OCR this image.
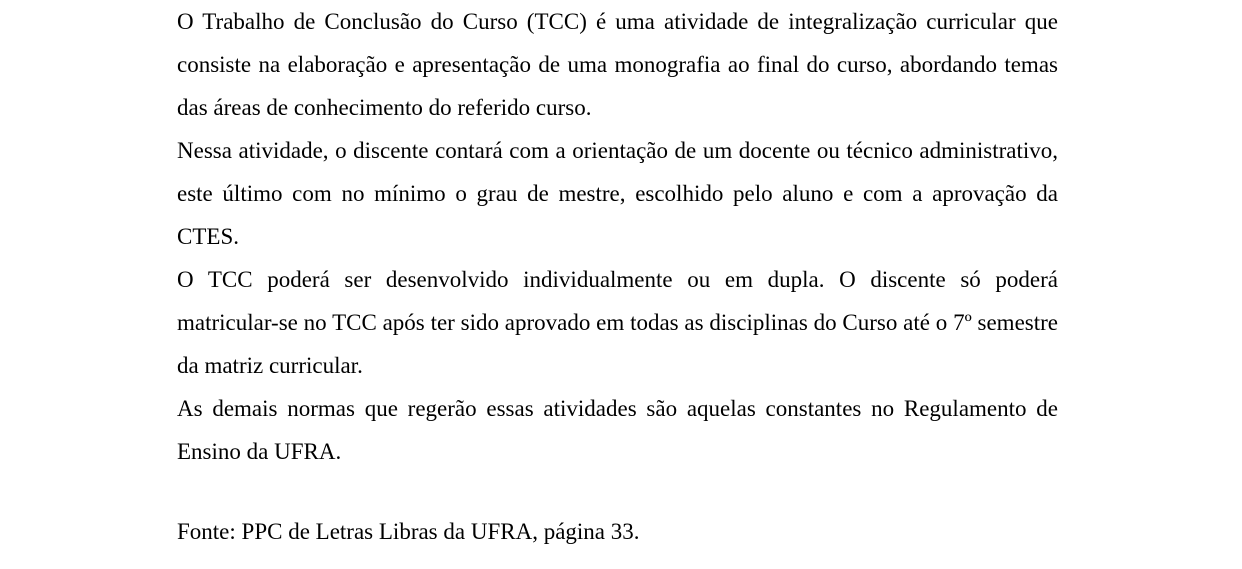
O Trabalho de Conclusão do Curso (TCC) é uma atividade de integralização curricular que consiste na elaboração e apresentação de uma monografia ao final do curso, abordando temas das áreas de conhecimento do referido curso.

Nessa atividade, o discente contará com a orientação de um docente ou técnico administrativo, este último com no mínimo o grau de mestre, escolhido pelo aluno e com a aprovação da CTES.

O TCC poderá ser desenvolvido individualmente ou em dupla. O discente só poderá matricular-se no TCC após ter sido aprovado em todas as disciplinas do Curso até o 7º semestre da matriz curricular.

As demais normas que regerão essas atividades são aquelas constantes no Regulamento de Ensino da UFRA.

Fonte: PPC de Letras Libras da UFRA, página 33.
